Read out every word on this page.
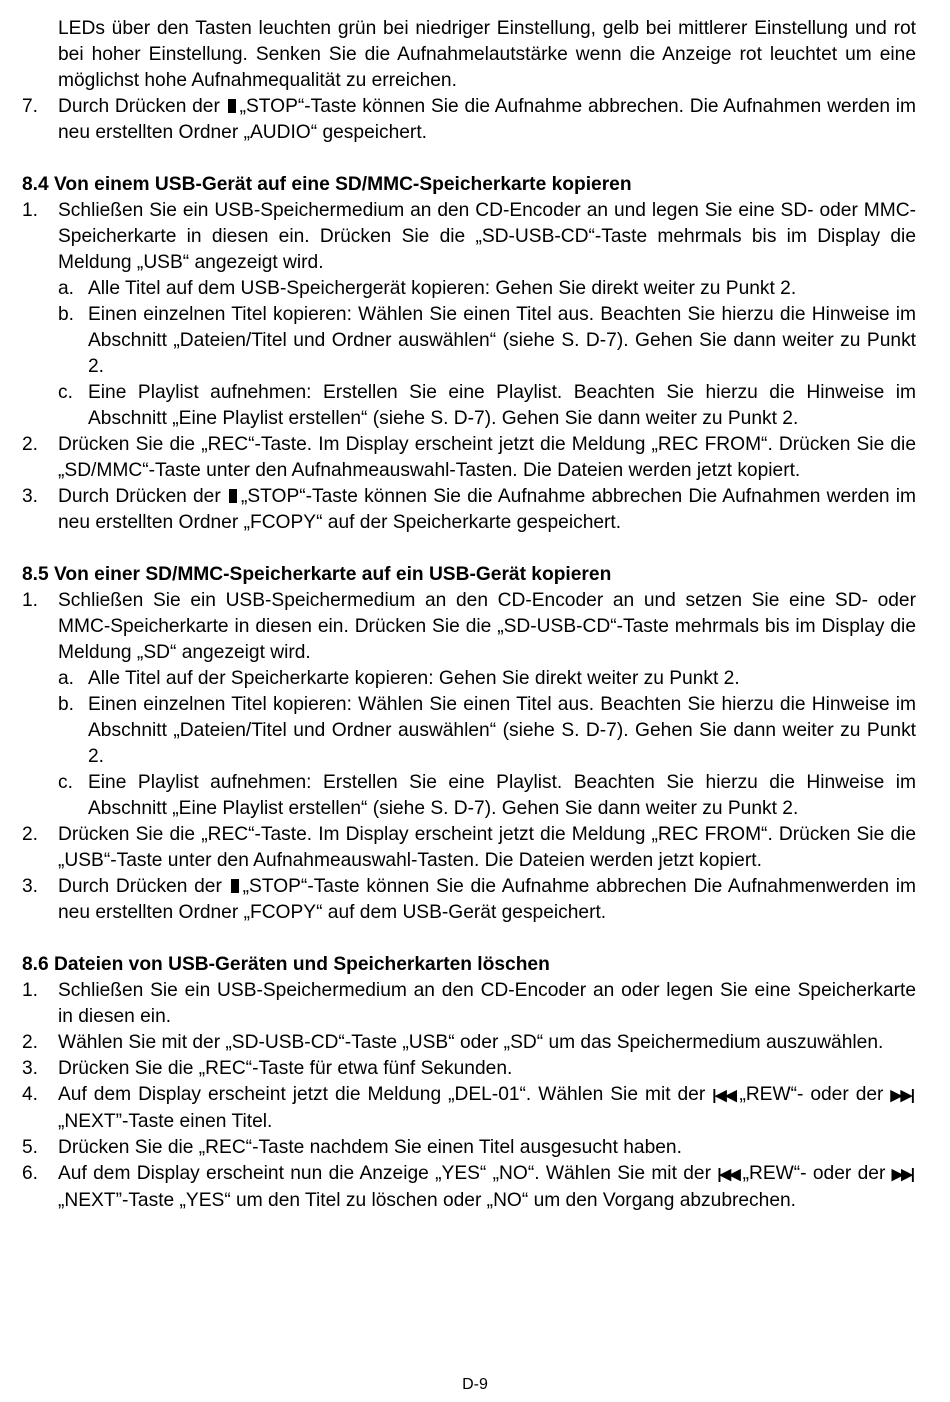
LEDs über den Tasten leuchten grün bei niedriger Einstellung, gelb bei mittlerer Einstellung und rot bei hoher Einstellung. Senken Sie die Aufnahmelautstärke wenn die Anzeige rot leuchtet um eine möglichst hohe Aufnahmequalität zu erreichen.

7.	Durch Drücken der „STOP“-Taste können Sie die Aufnahme abbrechen. Die Aufnahmen werden im neu erstellten Ordner „AUDIO“ gespeichert.
8.4 Von einem USB-Gerät auf eine SD/MMC-Speicherkarte kopieren
1.	Schließen Sie ein USB-Speichermedium an den CD-Encoder an und legen Sie eine SD- oder MMC-Speicherkarte in diesen ein. Drücken Sie die „SD-USB-CD“-Taste mehrmals bis im Display die Meldung „USB“ angezeigt wird.
a. Alle Titel auf dem USB-Speichergerät kopieren: Gehen Sie direkt weiter zu Punkt 2.
b. Einen einzelnen Titel kopieren: Wählen Sie einen Titel aus. Beachten Sie hierzu die Hinweise im Abschnitt „Dateien/Titel und Ordner auswählen“ (siehe S. D-7). Gehen Sie dann weiter zu Punkt 2.
c. Eine Playlist aufnehmen: Erstellen Sie eine Playlist. Beachten Sie hierzu die Hinweise im Abschnitt „Eine Playlist erstellen“ (siehe S. D-7). Gehen Sie dann weiter zu Punkt 2.
2.	Drücken Sie die „REC“-Taste. Im Display erscheint jetzt die Meldung „REC FROM“. Drücken Sie die „SD/MMC“-Taste unter den Aufnahmeauswahl-Tasten. Die Dateien werden jetzt kopiert.
3.	Durch Drücken der „STOP“-Taste können Sie die Aufnahme abbrechen Die Aufnahmen werden im neu erstellten Ordner „FCOPY“ auf der Speicherkarte gespeichert.
8.5 Von einer SD/MMC-Speicherkarte auf ein USB-Gerät kopieren
1.	Schließen Sie ein USB-Speichermedium an den CD-Encoder an und setzen Sie eine SD- oder MMC-Speicherkarte in diesen ein. Drücken Sie die „SD-USB-CD“-Taste mehrmals bis im Display die Meldung „SD“ angezeigt wird.
a. Alle Titel auf der Speicherkarte kopieren: Gehen Sie direkt weiter zu Punkt 2.
b. Einen einzelnen Titel kopieren: Wählen Sie einen Titel aus. Beachten Sie hierzu die Hinweise im Abschnitt „Dateien/Titel und Ordner auswählen“ (siehe S. D-7). Gehen Sie dann weiter zu Punkt 2.
c. Eine Playlist aufnehmen: Erstellen Sie eine Playlist. Beachten Sie hierzu die Hinweise im Abschnitt „Eine Playlist erstellen“ (siehe S. D-7). Gehen Sie dann weiter zu Punkt 2.
2.	Drücken Sie die „REC“-Taste. Im Display erscheint jetzt die Meldung „REC FROM“. Drücken Sie die „USB“-Taste unter den Aufnahmeauswahl-Tasten. Die Dateien werden jetzt kopiert.
3.	Durch Drücken der „STOP“-Taste können Sie die Aufnahme abbrechen Die Aufnahmenwerden im neu erstellten Ordner „FCOPY“ auf dem USB-Gerät gespeichert.
8.6 Dateien von USB-Geräten und Speicherkarten löschen
1.	Schließen Sie ein USB-Speichermedium an den CD-Encoder an oder legen Sie eine Speicherkarte in diesen ein.
2.	Wählen Sie mit der „SD-USB-CD“-Taste „USB“ oder „SD“ um das Speichermedium auszuwählen.
3.	Drücken Sie die „REC“-Taste für etwa fünf Sekunden.
4.	Auf dem Display erscheint jetzt die Meldung „DEL-01“. Wählen Sie mit der |◀◀ „REW“- oder der ▶▶|„NEXT”-Taste einen Titel.
5.	Drücken Sie die „REC“-Taste nachdem Sie einen Titel ausgesucht haben.
6.	Auf dem Display erscheint nun die Anzeige „YES“ „NO“. Wählen Sie mit der |◀◀ „REW“- oder der ▶▶|„NEXT”-Taste „YES“ um den Titel zu löschen oder „NO“ um den Vorgang abzubrechen.
D-9
